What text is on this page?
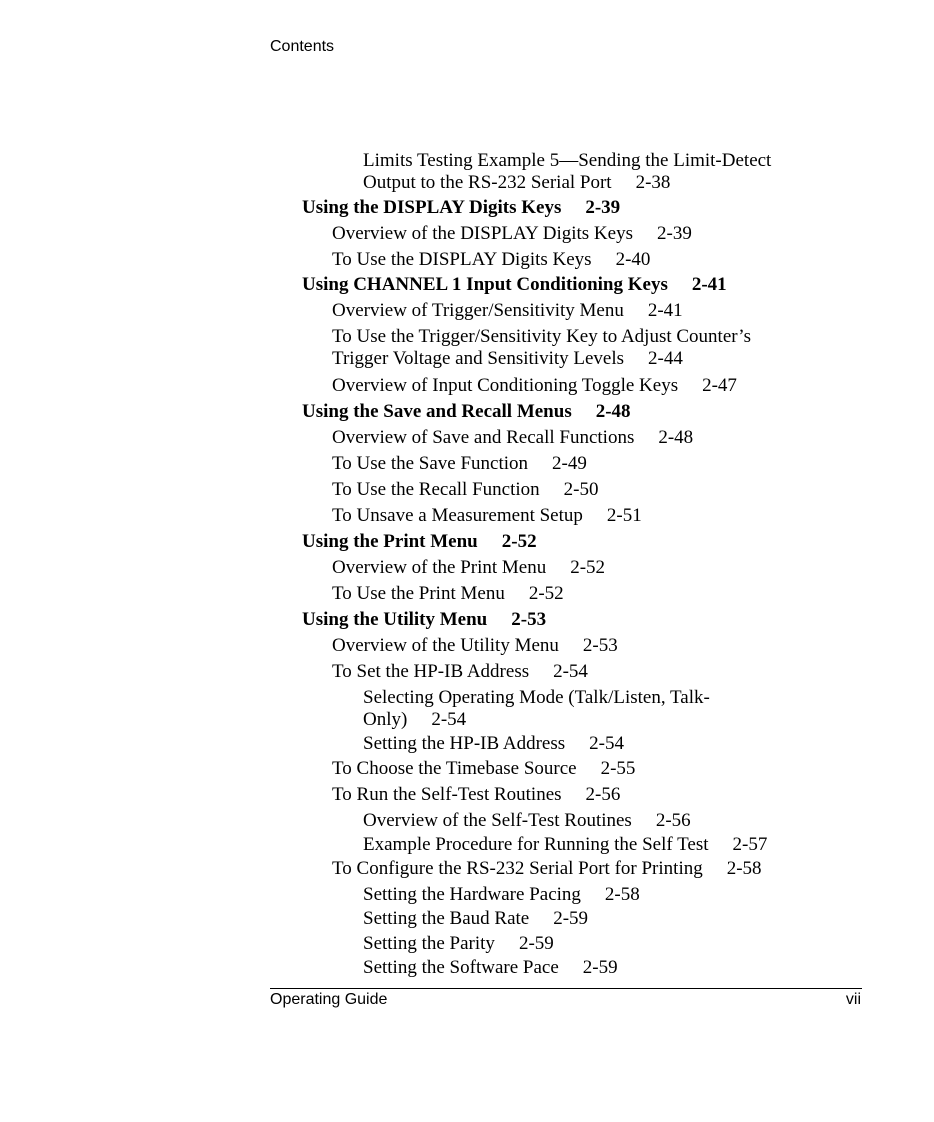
Contents
Limits Testing Example 5—Sending the Limit-Detect
Output to the RS-232 Serial Port 2-38
Using the DISPLAY Digits Keys 2-39
Overview of the DISPLAY Digits Keys 2-39
To Use the DISPLAY Digits Keys 2-40
Using CHANNEL 1 Input Conditioning Keys 2-41
Overview of Trigger/Sensitivity Menu 2-41
To Use the Trigger/Sensitivity Key to Adjust Counter’s
Trigger Voltage and Sensitivity Levels 2-44
Overview of Input Conditioning Toggle Keys 2-47
Using the Save and Recall Menus 2-48
Overview of Save and Recall Functions 2-48
To Use the Save Function 2-49
To Use the Recall Function 2-50
To Unsave a Measurement Setup 2-51
Using the Print Menu 2-52
Overview of the Print Menu 2-52
To Use the Print Menu 2-52
Using the Utility Menu 2-53
Overview of the Utility Menu 2-53
To Set the HP-IB Address 2-54
Selecting Operating Mode (Talk/Listen, Talk-
Only) 2-54
Setting the HP-IB Address 2-54
To Choose the Timebase Source 2-55
To Run the Self-Test Routines 2-56
Overview of the Self-Test Routines 2-56
Example Procedure for Running the Self Test 2-57
To Configure the RS-232 Serial Port for Printing 2-58
Setting the Hardware Pacing 2-58
Setting the Baud Rate 2-59
Setting the Parity 2-59
Setting the Software Pace 2-59
Operating Guide	vii
